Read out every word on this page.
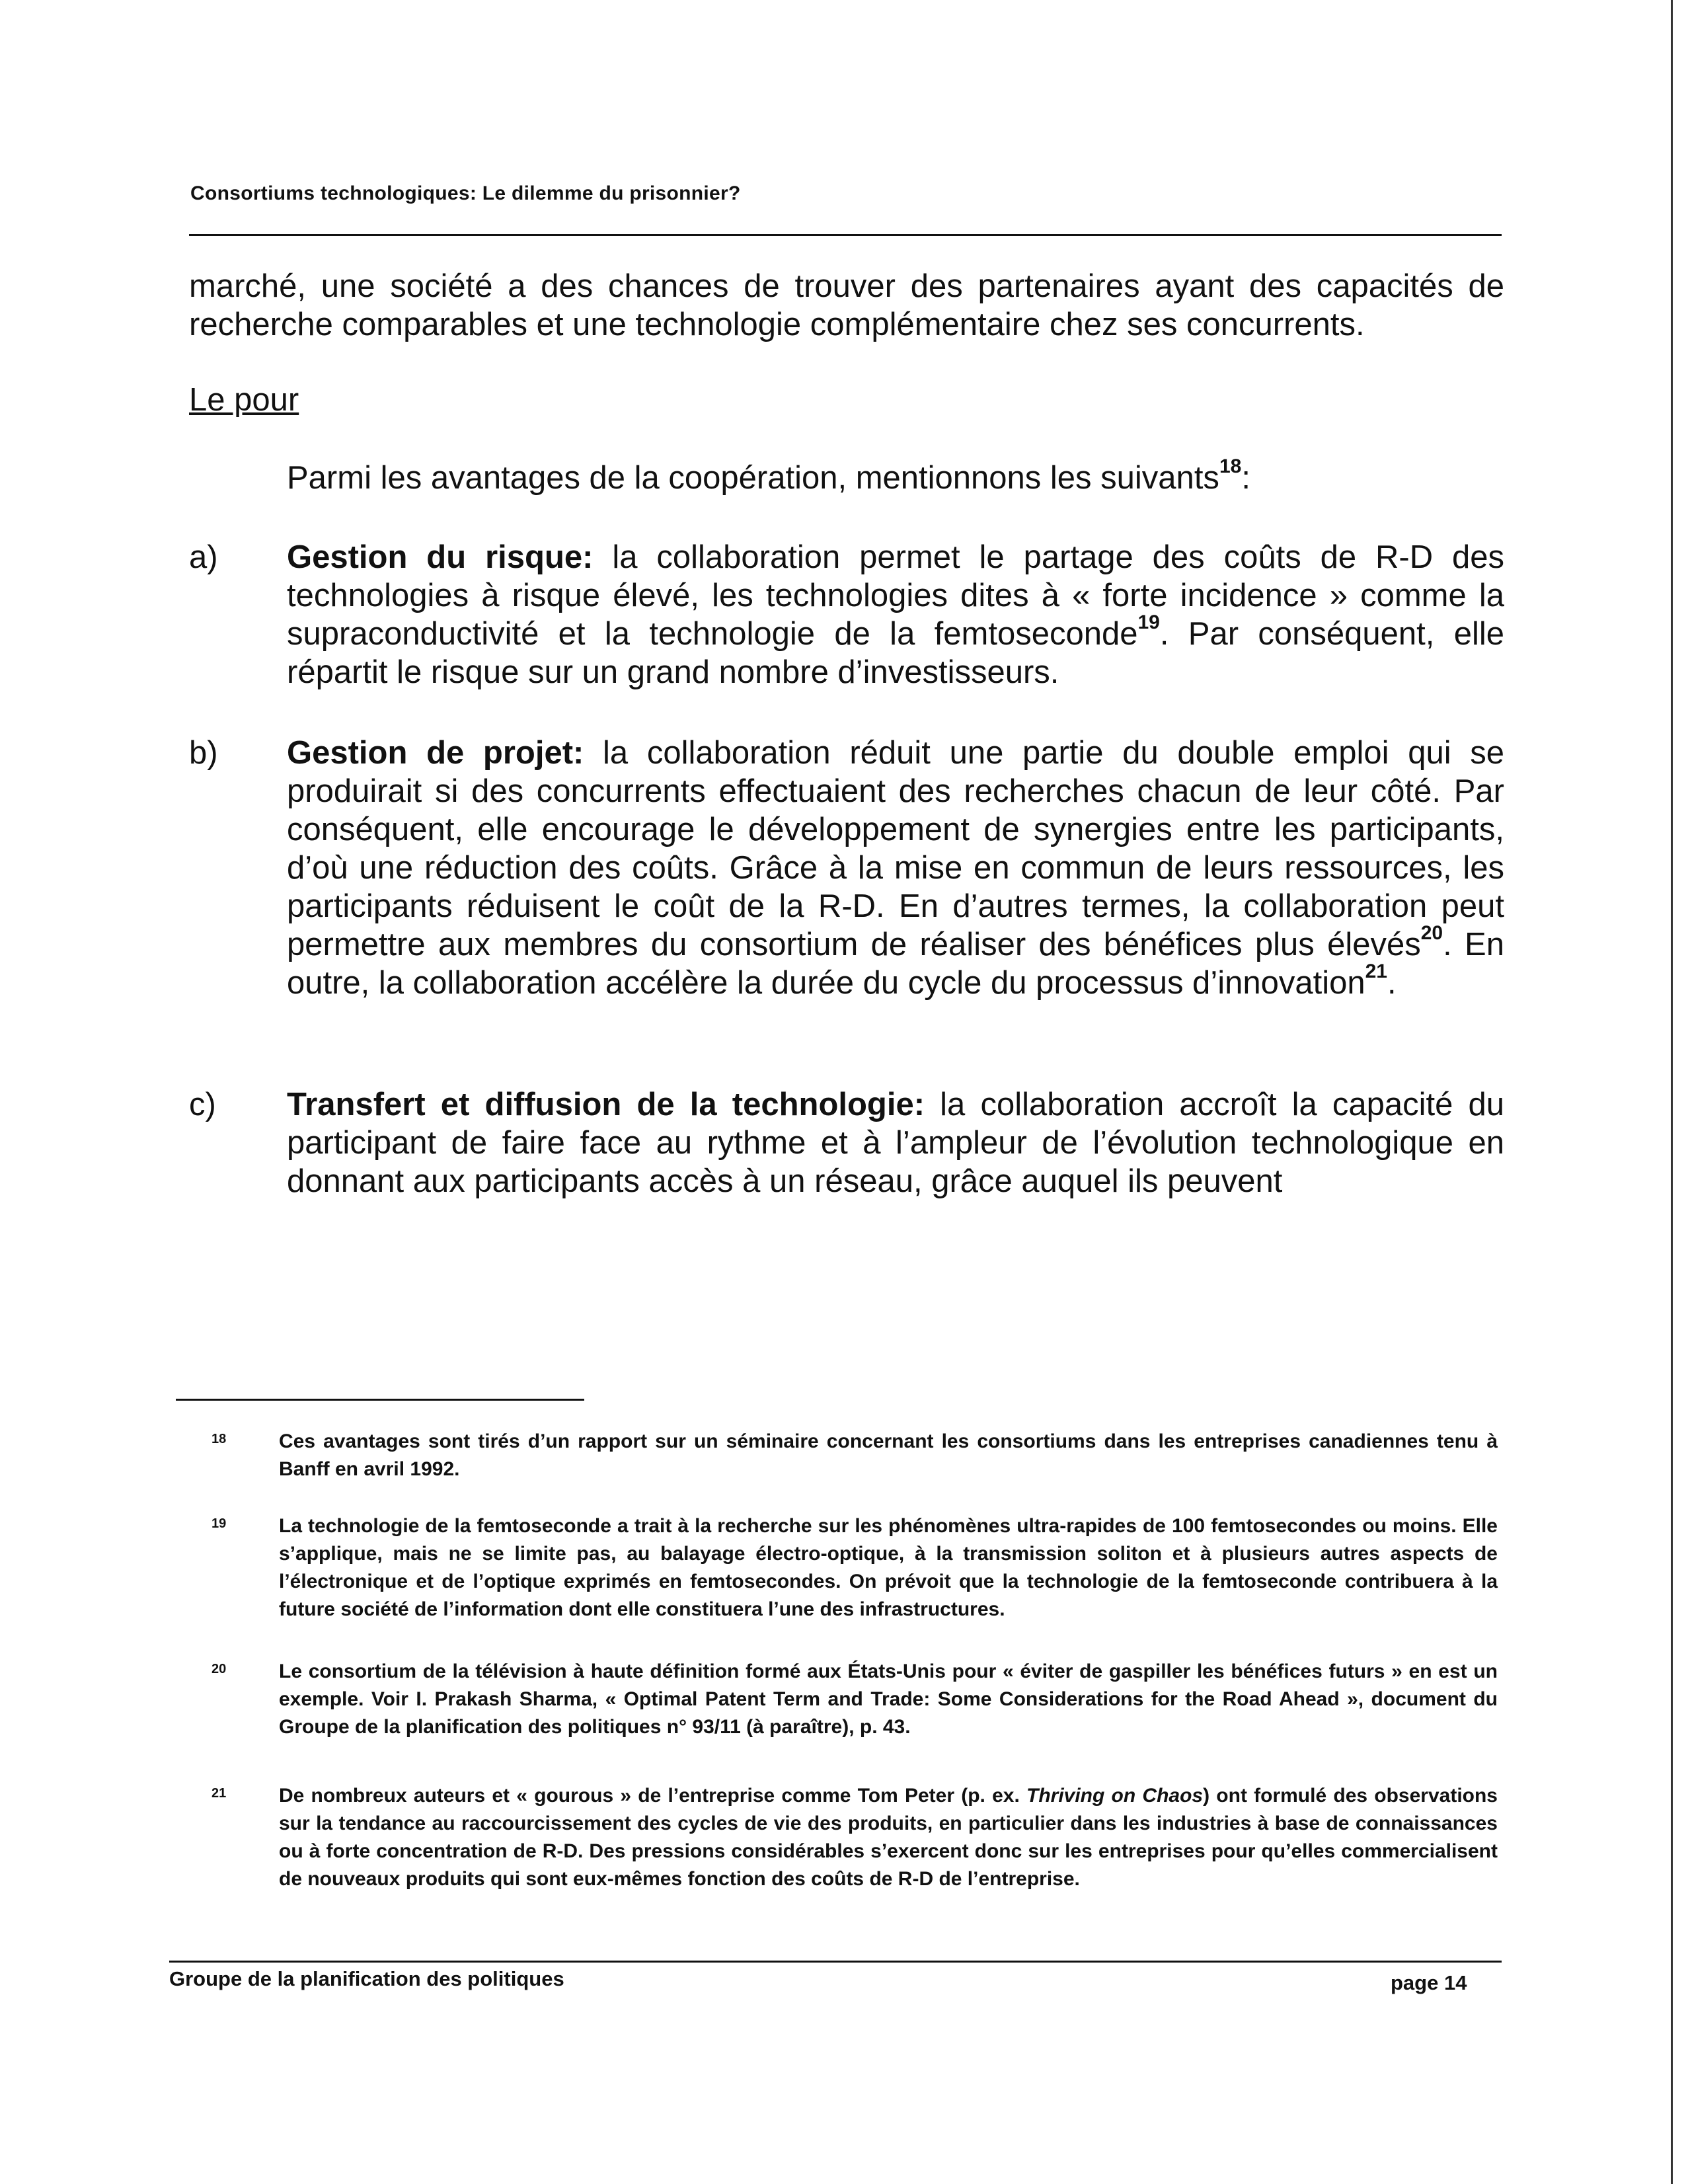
Consortiums technologiques: Le dilemme du prisonnier?
marché, une société a des chances de trouver des partenaires ayant des capacités de recherche comparables et une technologie complémentaire chez ses concurrents.
Le pour
Parmi les avantages de la coopération, mentionnons les suivants$^{18}$:
a) Gestion du risque: la collaboration permet le partage des coûts de R-D des technologies à risque élevé, les technologies dites à « forte incidence » comme la supraconductivité et la technologie de la femtoseconde$^{19}$. Par conséquent, elle répartit le risque sur un grand nombre d’investisseurs.
b) Gestion de projet: la collaboration réduit une partie du double emploi qui se produirait si des concurrents effectuaient des recherches chacun de leur côté. Par conséquent, elle encourage le développement de synergies entre les participants, d’où une réduction des coûts. Grâce à la mise en commun de leurs ressources, les participants réduisent le coût de la R-D. En d’autres termes, la collaboration peut permettre aux membres du consortium de réaliser des bénéfices plus élevés$^{20}$. En outre, la collaboration accélère la durée du cycle du processus d’innovation$^{21}$.
c) Transfert et diffusion de la technologie: la collaboration accroît la capacité du participant de faire face au rythme et à l’ampleur de l’évolution technologique en donnant aux participants accès à un réseau, grâce auquel ils peuvent
18	Ces avantages sont tirés d’un rapport sur un séminaire concernant les consortiums dans les entreprises canadiennes tenu à Banff en avril 1992.
19	La technologie de la femtoseconde a trait à la recherche sur les phénomènes ultra-rapides de 100 femtosecondes ou moins. Elle s’applique, mais ne se limite pas, au balayage électro-optique, à la transmission soliton et à plusieurs autres aspects de l’électronique et de l’optique exprimés en femtosecondes. On prévoit que la technologie de la femtoseconde contribuera à la future société de l’information dont elle constituera l’une des infrastructures.
20	Le consortium de la télévision à haute définition formé aux États-Unis pour « éviter de gaspiller les bénéfices futurs » en est un exemple. Voir I. Prakash Sharma, « Optimal Patent Term and Trade: Some Considerations for the Road Ahead », document du Groupe de la planification des politiques n° 93/11 (à paraître), p. 43.
21	De nombreux auteurs et « gourous » de l’entreprise comme Tom Peter (p. ex. Thriving on Chaos) ont formulé des observations sur la tendance au raccourcissement des cycles de vie des produits, en particulier dans les industries à base de connaissances ou à forte concentration de R-D. Des pressions considérables s’exercent donc sur les entreprises pour qu’elles commercialisent de nouveaux produits qui sont eux-mêmes fonction des coûts de R-D de l’entreprise.
Groupe de la planification des politiques	page 14
